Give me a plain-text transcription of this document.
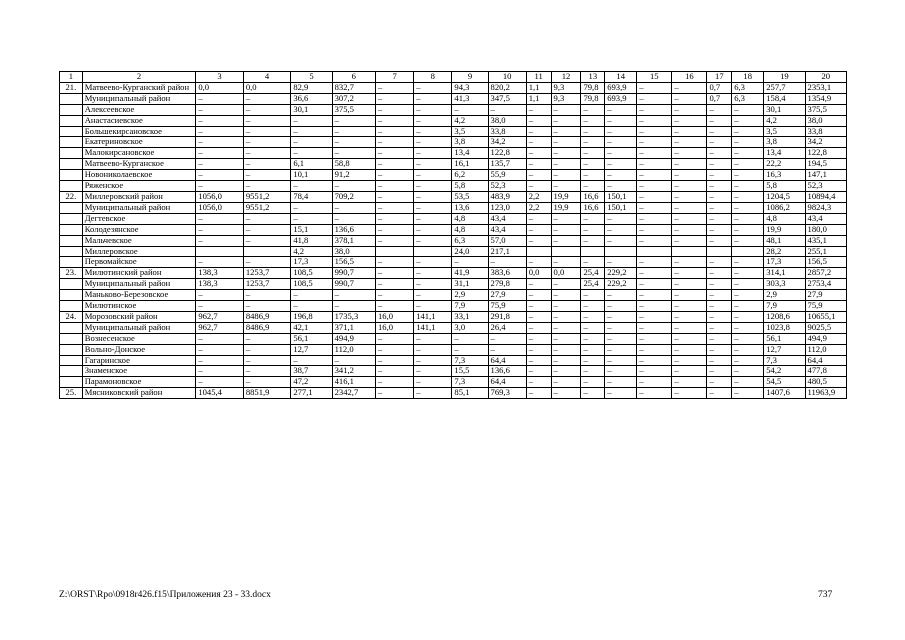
1	2	3	4	5	6	7	8	9	10	11	12	13	14	15	16	17	18	19	20
21.	Матвеево-Курганский район	0,0	0,0	82,9	832,7	–	–	94,3	820,2	1,1	9,3	79,8	693,9	–	–	0,7	6,3	257,7	2353,1
	Муниципальный район	–	–	36,6	307,2	–	–	41,3	347,5	1,1	9,3	79,8	693,9	–	–	0,7	6,3	158,4	1354,9
	Алексеевское	–	–	30,1	375,5	–	–	–	–	–	–	–	–	–	–	–	–	30,1	375,5
	Анастасиевское	–	–	–	–	–	–	4,2	38,0	–	–	–	–	–	–	–	–	4,2	38,0
	Большекирсановское	–	–	–	–	–	–	3,5	33,8	–	–	–	–	–	–	–	–	3,5	33,8
	Екатериновское	–	–	–	–	–	–	3,8	34,2	–	–	–	–	–	–	–	–	3,8	34,2
	Малокирсановское	–	–	–	–	–	–	13,4	122,8	–	–	–	–	–	–	–	–	13,4	122,8
	Матвеево-Курганское	–	–	6,1	58,8	–	–	16,1	135,7	–	–	–	–	–	–	–	–	22,2	194,5
	Новониколаевское	–	–	10,1	91,2	–	–	6,2	55,9	–	–	–	–	–	–	–	–	16,3	147,1
	Ряженское	–	–	–	–	–	–	5,8	52,3	–	–	–	–	–	–	–	–	5,8	52,3
22.	Миллеровский район	1056,0	9551,2	78,4	709,2	–	–	53,5	483,9	2,2	19,9	16,6	150,1	–	–	–	–	1204,5	10894,4
	Муниципальный район	1056,0	9551,2	–	–	–	–	13,6	123,0	2,2	19,9	16,6	150,1	–	–	–	–	1086,2	9824,3
	Дегтевское	–	–	–	–	–	–	4,8	43,4	–	–	–	–	–	–	–	–	4,8	43,4
	Колодезянское	–	–	15,1	136,6	–	–	4,8	43,4	–	–	–	–	–	–	–	–	19,9	180,0
	Мальчевское	–	–	41,8	378,1	–	–	6,3	57,0	–	–	–	–	–	–	–	–	48,1	435,1
	Миллеровское			4,2	38,0			24,0	217,1									28,2	255,1
	Первомайское	–	–	17,3	156,5	–	–	–	–	–	–	–	–	–	–	–	–	17,3	156,5
23.	Милютинский район	138,3	1253,7	108,5	990,7	–	–	41,9	383,6	0,0	0,0	25,4	229,2	–	–	–	–	314,1	2857,2
	Муниципальный район	138,3	1253,7	108,5	990,7	–	–	31,1	279,8	–	–	25,4	229,2	–	–	–	–	303,3	2753,4
	Маньково-Березовское	–	–	–	–	–	–	2,9	27,9	–	–	–	–	–	–	–	–	2,9	27,9
	Милютинское	–	–	–	–	–	–	7,9	75,9	–	–	–	–	–	–	–	–	7,9	75,9
24.	Морозовский район	962,7	8486,9	196,8	1735,3	16,0	141,1	33,1	291,8	–	–	–	–	–	–	–	–	1208,6	10655,1
	Муниципальный район	962,7	8486,9	42,1	371,1	16,0	141,1	3,0	26,4	–	–	–	–	–	–	–	–	1023,8	9025,5
	Вознесенское	–	–	56,1	494,9	–	–	–	–	–	–	–	–	–	–	–	–	56,1	494,9
	Вольно-Донское	–	–	12,7	112,0	–	–	–	–	–	–	–	–	–	–	–	–	12,7	112,0
	Гагаринское	–	–	–	–	–	–	7,3	64,4	–	–	–	–	–	–	–	–	7,3	64,4
	Знаменское	–	–	38,7	341,2	–	–	15,5	136,6	–	–	–	–	–	–	–	–	54,2	477,8
	Парамоновское	–	–	47,2	416,1	–	–	7,3	64,4	–	–	–	–	–	–	–	–	54,5	480,5
25.	Мясниковский район	1045,4	8851,9	277,1	2342,7	–	–	85,1	769,3	–	–	–	–	–	–	–	–	1407,6	11963,9
Z:\ORST\Rpo\0918r426.f15\Приложения 23 - 33.docx	737
